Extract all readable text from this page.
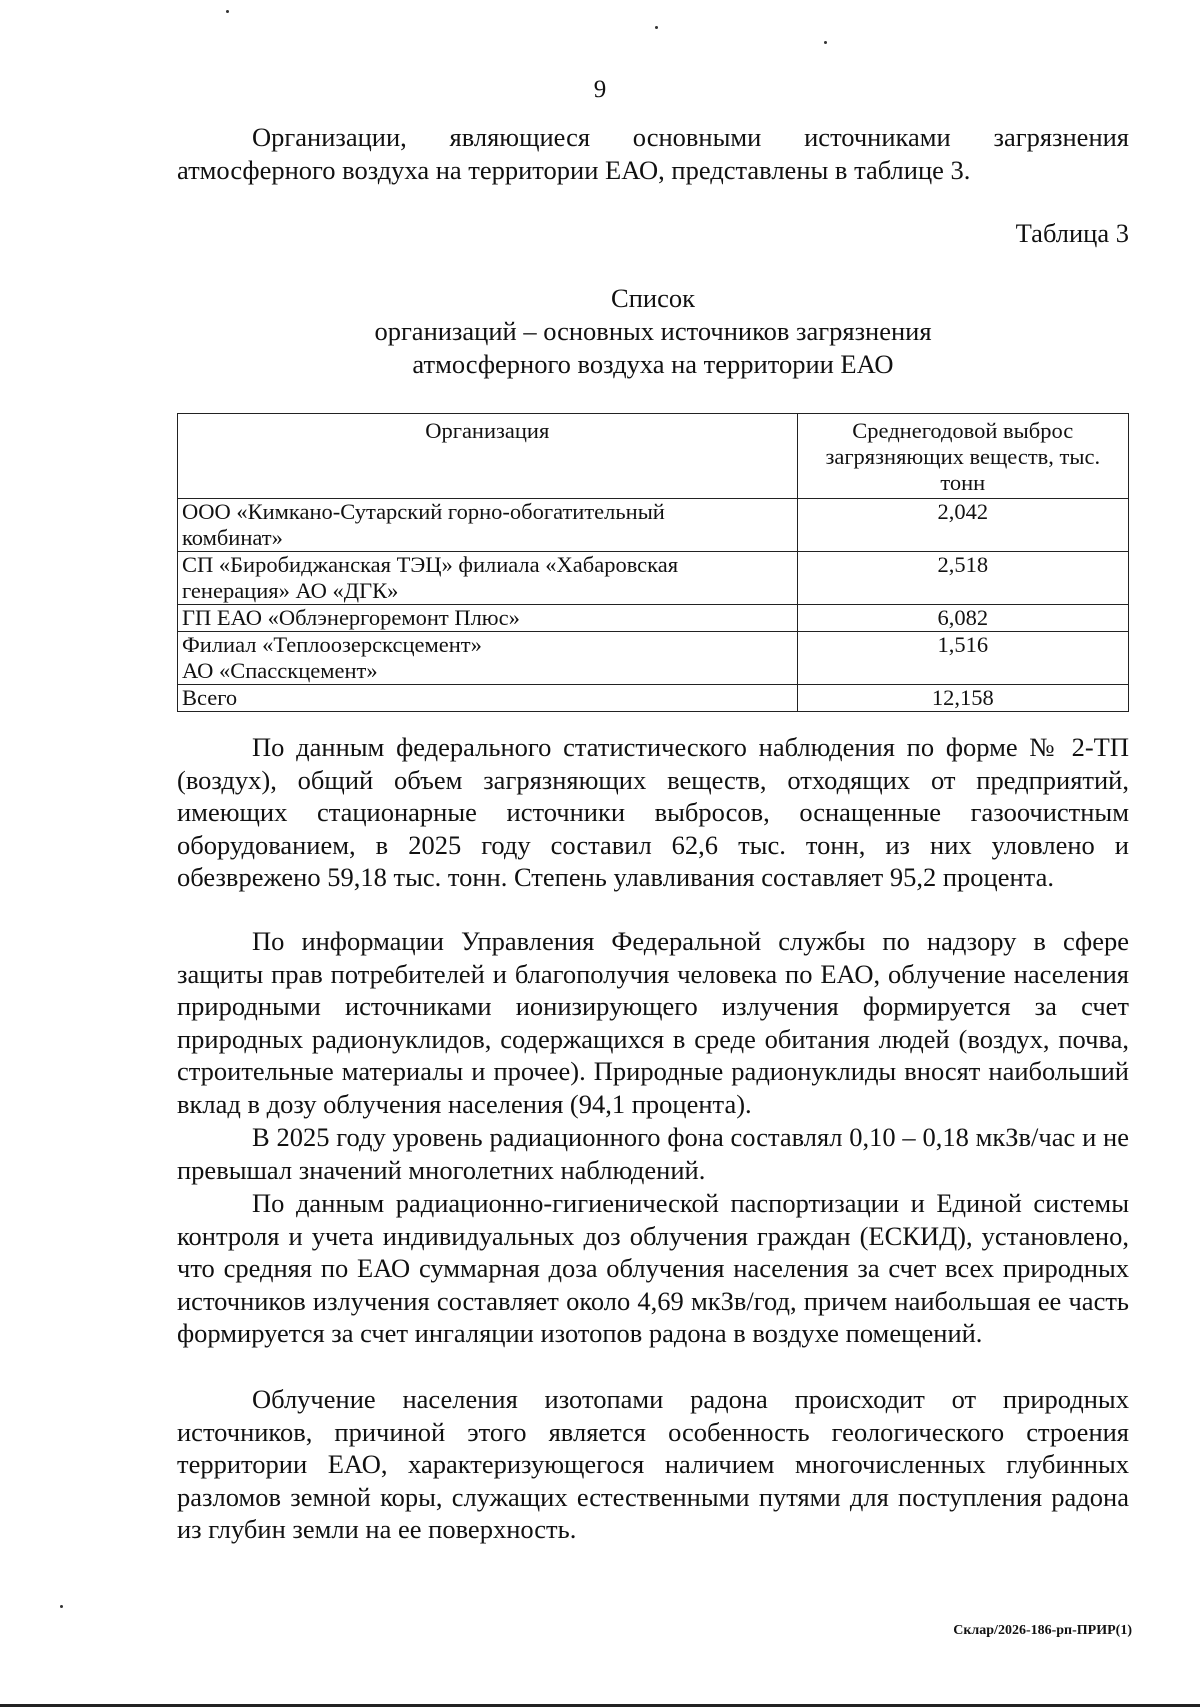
9

Организации, являющиеся основными источниками загрязнения атмосферного воздуха на территории ЕАО, представлены в таблице 3.

Таблица 3
Список
организаций – основных источников загрязнения
атмосферного воздуха на территории ЕАО
Организация	Среднегодовой выброс загрязняющих веществ, тыс. тонн

ООО «Кимкано-Сутарский горно-обогатительный
комбинат»	2,042

СП «Биробиджанская ТЭЦ» филиала «Хабаровская
генерация» АО «ДГК»	2,518

ГП ЕАО «Облэнергоремонт Плюс»	6,082

Филиал «Теплоозерсксцемент»
АО «Спасскцемент»	1,516
Всего	12,158

По данным федерального статистического наблюдения по форме № 2-ТП (воздух), общий объем загрязняющих веществ, отходящих от предприятий, имеющих стационарные источники выбросов, оснащенные газоочистным оборудованием, в 2025 году составил 62,6 тыс. тонн, из них уловлено и обезврежено 59,18 тыс. тонн. Степень улавливания составляет 95,2 процента.

По информации Управления Федеральной службы по надзору в сфере защиты прав потребителей и благополучия человека по ЕАО, облучение населения природными источниками ионизирующего излучения формируется за счет природных радионуклидов, содержащихся в среде обитания людей (воздух, почва, строительные материалы и прочее). Природные радионуклиды вносят наибольший вклад в дозу облучения населения (94,1 процента).

В 2025 году уровень радиационного фона составлял 0,10 – 0,18 мкЗв/час и не превышал значений многолетних наблюдений.

По данным радиационно-гигиенической паспортизации и Единой системы контроля и учета индивидуальных доз облучения граждан (ЕСКИД), установлено, что средняя по ЕАО суммарная доза облучения населения за счет всех природных источников излучения составляет около 4,69 мкЗв/год, причем наибольшая ее часть формируется за счет ингаляции изотопов радона в воздухе помещений.

Облучение населения изотопами радона происходит от природных источников, причиной этого является особенность геологического строения территории ЕАО, характеризующегося наличием многочисленных глубинных разломов земной коры, служащих естественными путями для поступления радона из глубин земли на ее поверхность.

Склар/2026-186-рп-ПРИР(1)
